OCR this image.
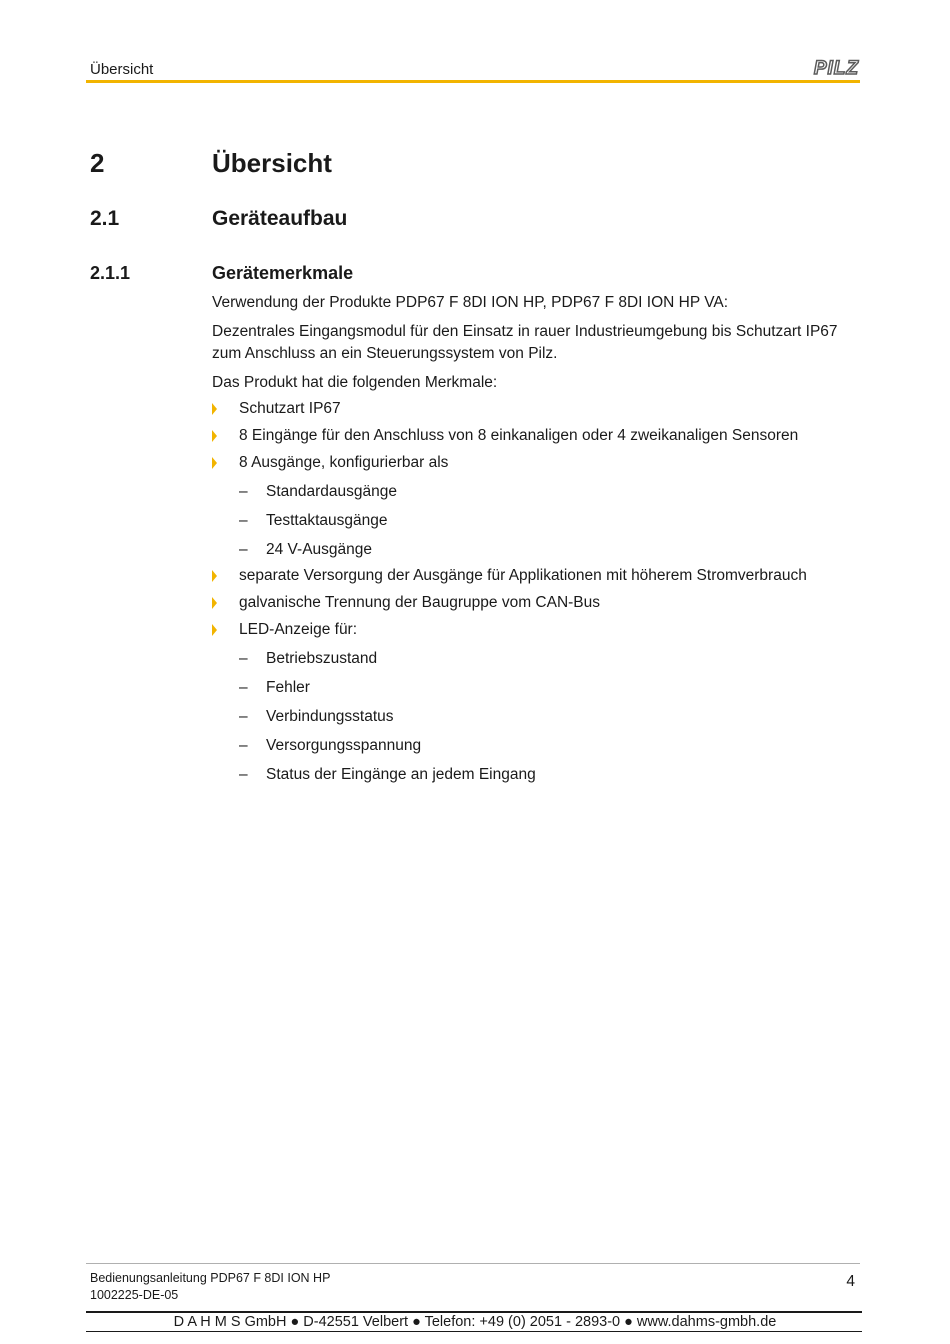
Übersicht	PILZ
2	Übersicht
2.1	Geräteaufbau
2.1.1	Gerätemerkmale
Verwendung der Produkte PDP67 F 8DI ION HP, PDP67 F 8DI ION HP VA:
Dezentrales Eingangsmodul für den Einsatz in rauer Industrieumgebung bis Schutzart IP67
zum Anschluss an ein Steuerungssystem von Pilz.
Das Produkt hat die folgenden Merkmale:
Schutzart IP67
8 Eingänge für den Anschluss von 8 einkanaligen oder 4 zweikanaligen Sensoren
8 Ausgänge, konfigurierbar als
– Standardausgänge
– Testtaktausgänge
– 24 V-Ausgänge
separate Versorgung der Ausgänge für Applikationen mit höherem Stromverbrauch
galvanische Trennung der Baugruppe vom CAN-Bus
LED-Anzeige für:
– Betriebszustand
– Fehler
– Verbindungsstatus
– Versorgungsspannung
– Status der Eingänge an jedem Eingang
Bedienungsanleitung PDP67 F 8DI ION HP
1002225-DE-05
4
D A H M S GmbH ● D-42551 Velbert ● Telefon: +49 (0) 2051 - 2893-0 ● www.dahms-gmbh.de
